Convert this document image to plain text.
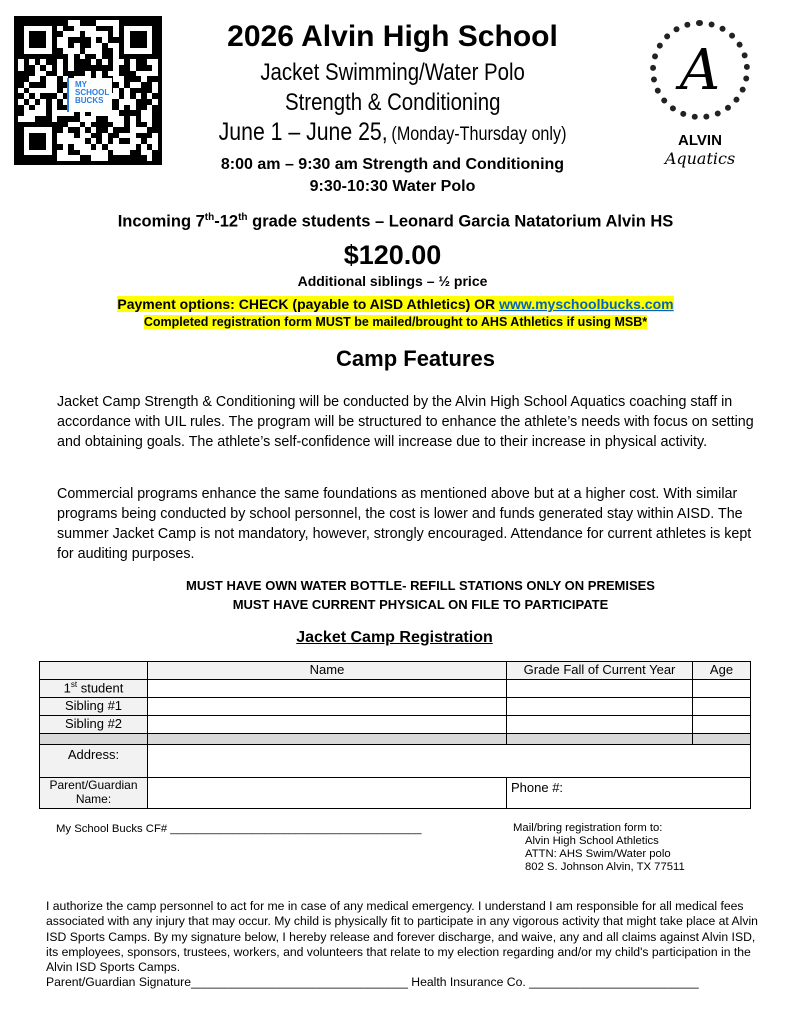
MY
SCHOOL
BUCKS	A
ALVIN
Aquatics
2026 Alvin High School
Jacket Swimming/Water Polo
Strength & Conditioning
June 1 – June 25, (Monday-Thursday only)
8:00 am – 9:30 am Strength and Conditioning
9:30-10:30 Water Polo
Incoming 7th-12th grade students – Leonard Garcia Natatorium Alvin HS
$120.00
Additional siblings – ½ price
Payment options: CHECK (payable to AISD Athletics) OR www.myschoolbucks.com
Completed registration form MUST be mailed/brought to AHS Athletics if using MSB*
Camp Features

Jacket Camp Strength & Conditioning will be conducted by the Alvin High School Aquatics coaching staff in accordance with UIL rules. The program will be structured to enhance the athlete’s needs with focus on setting and obtaining goals. The athlete’s self-confidence will increase due to their increase in physical activity.

Commercial programs enhance the same foundations as mentioned above but at a higher cost. With similar programs being conducted by school personnel, the cost is lower and funds generated stay within AISD. The summer Jacket Camp is not mandatory, however, strongly encouraged. Attendance for current athletes is kept for auditing purposes.

MUST HAVE OWN WATER BOTTLE- REFILL STATIONS ONLY ON PREMISES
MUST HAVE CURRENT PHYSICAL ON FILE TO PARTICIPATE
Jacket Camp Registration
	Name	Grade Fall of Current Year	Age
1st student			
Sibling #1			
Sibling #2			

Address:			

Parent/Guardian
Name:		Phone #:	
My School Bucks CF# ________________________________________	Mail/bring registration form to:
Alvin High School Athletics
ATTN: AHS Swim/Water polo
802 S. Johnson Alvin, TX 77511
I authorize the camp personnel to act for me in case of any medical emergency. I understand I am responsible for all medical fees associated with any injury that may occur. My child is physically fit to participate in any vigorous activity that might take place at Alvin ISD Sports Camps. By my signature below, I hereby release and forever discharge, and waive, any and all claims against Alvin ISD, its employees, sponsors, trustees, workers, and volunteers that relate to my election regarding and/or my child's participation in the Alvin ISD Sports Camps.
Parent/Guardian Signature________________________________ Health Insurance Co. _________________________
